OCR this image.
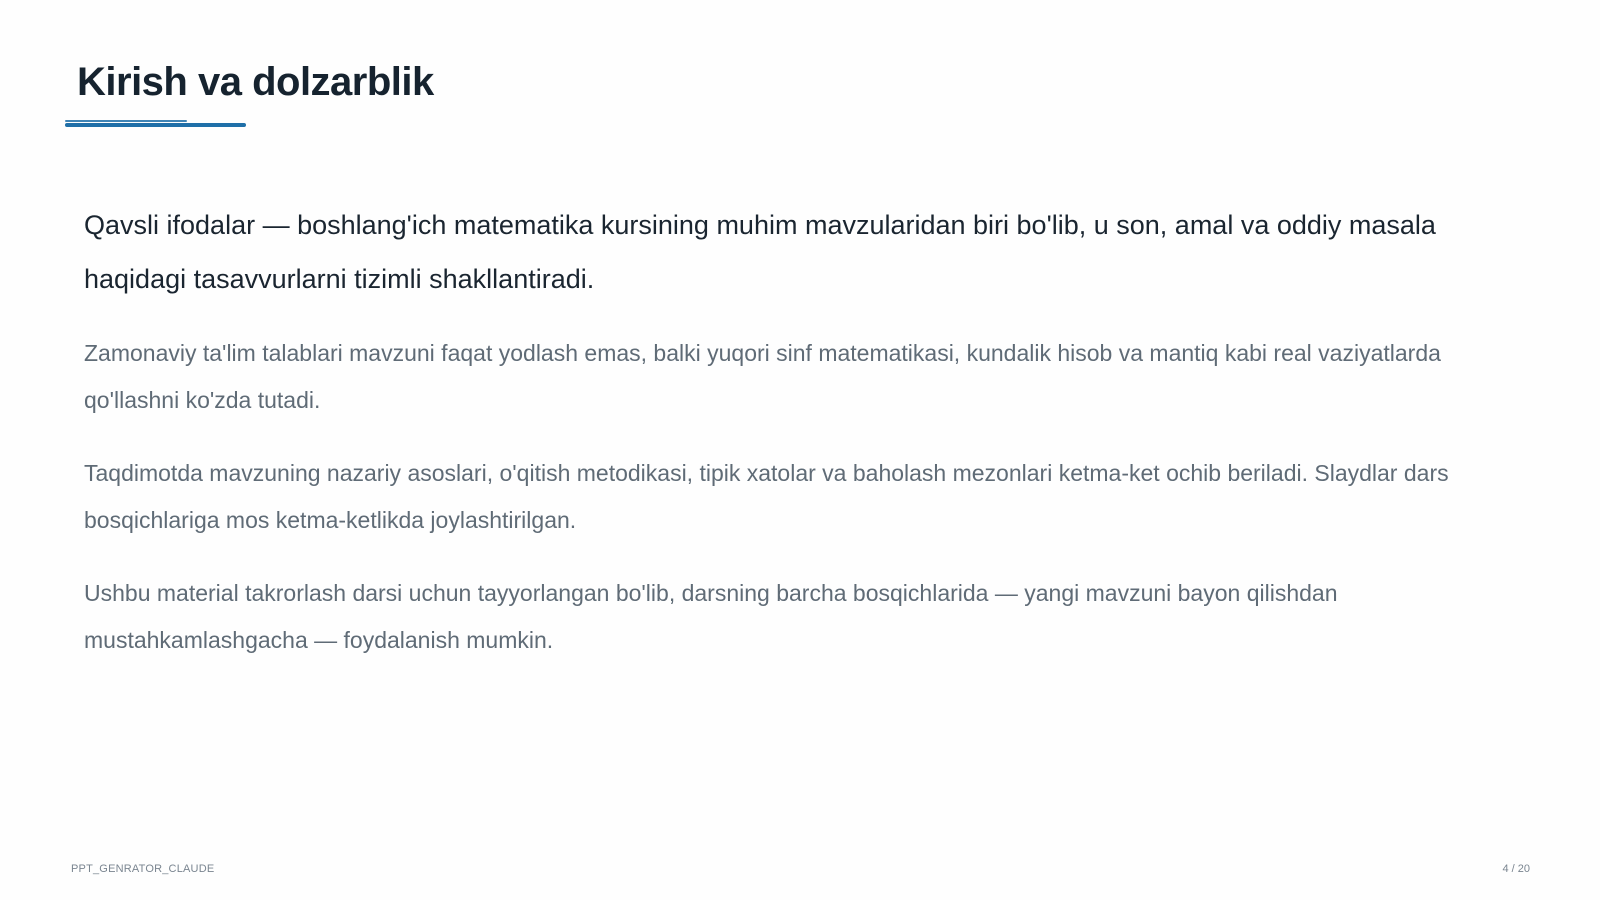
Kirish va dolzarblik

Qavsli ifodalar — boshlang'ich matematika kursining muhim mavzularidan biri bo'lib, u son, amal va oddiy masala haqidagi tasavvurlarni tizimli shakllantiradi.

Zamonaviy ta'lim talablari mavzuni faqat yodlash emas, balki yuqori sinf matematikasi, kundalik hisob va mantiq kabi real vaziyatlarda qo'llashni ko'zda tutadi.

Taqdimotda mavzuning nazariy asoslari, o'qitish metodikasi, tipik xatolar va baholash mezonlari ketma-ket ochib beriladi. Slaydlar dars bosqichlariga mos ketma-ketlikda joylashtirilgan.

Ushbu material takrorlash darsi uchun tayyorlangan bo'lib, darsning barcha bosqichlarida — yangi mavzuni bayon qilishdan mustahkamlashgacha — foydalanish mumkin.

PPT_GENRATOR_CLAUDE	4 / 20
